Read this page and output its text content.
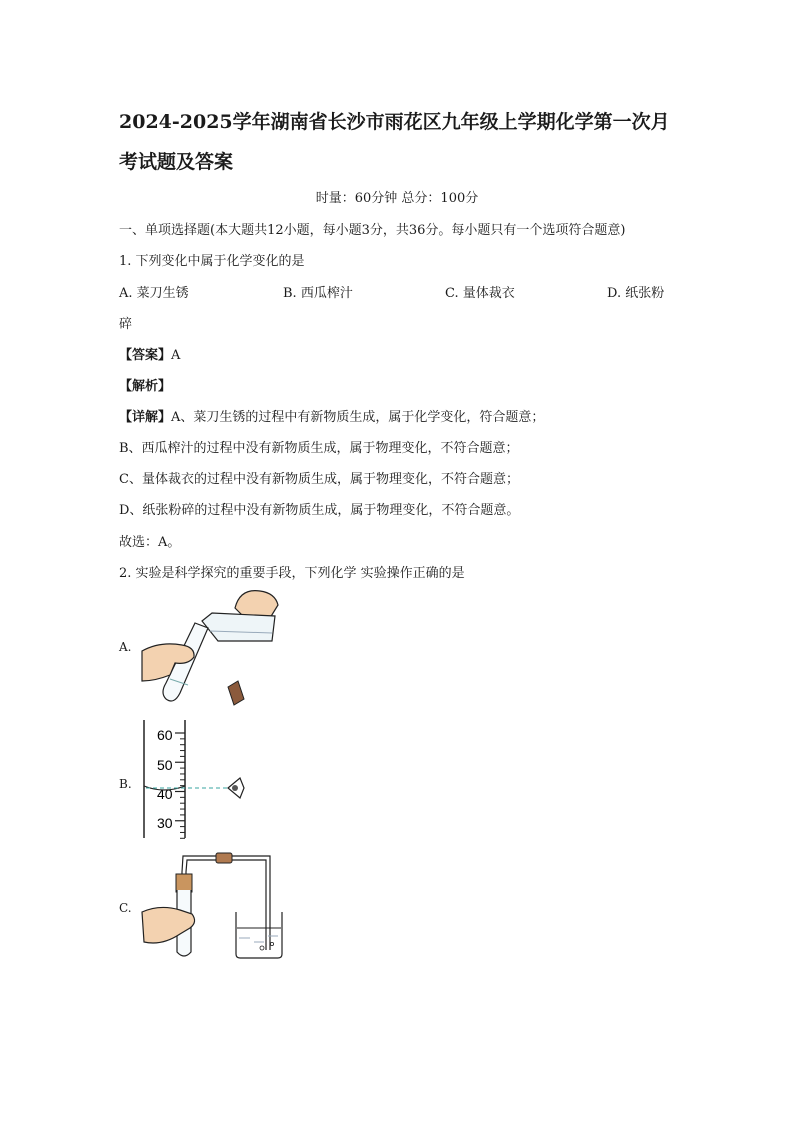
2024-2025学年湖南省长沙市雨花区九年级上学期化学第一次月考试题及答案

时量：60分钟 总分：100分

一、单项选择题(本大题共12小题，每小题3分，共36分。每小题只有一个选项符合题意)

1. 下列变化中属于化学变化的是

A. 菜刀生锈	B. 西瓜榨汁	C. 量体裁衣	D. 纸张粉

碎

【答案】A

【解析】

【详解】A、菜刀生锈的过程中有新物质生成，属于化学变化，符合题意；

B、西瓜榨汁的过程中没有新物质生成，属于物理变化，不符合题意；

C、量体裁衣的过程中没有新物质生成，属于物理变化，不符合题意；

D、纸张粉碎的过程中没有新物质生成，属于物理变化，不符合题意。

故选：A。

2. 实验是科学探究的重要手段，下列化学 实验操作正确的是

A.
B.
60
50
40
30
C.
